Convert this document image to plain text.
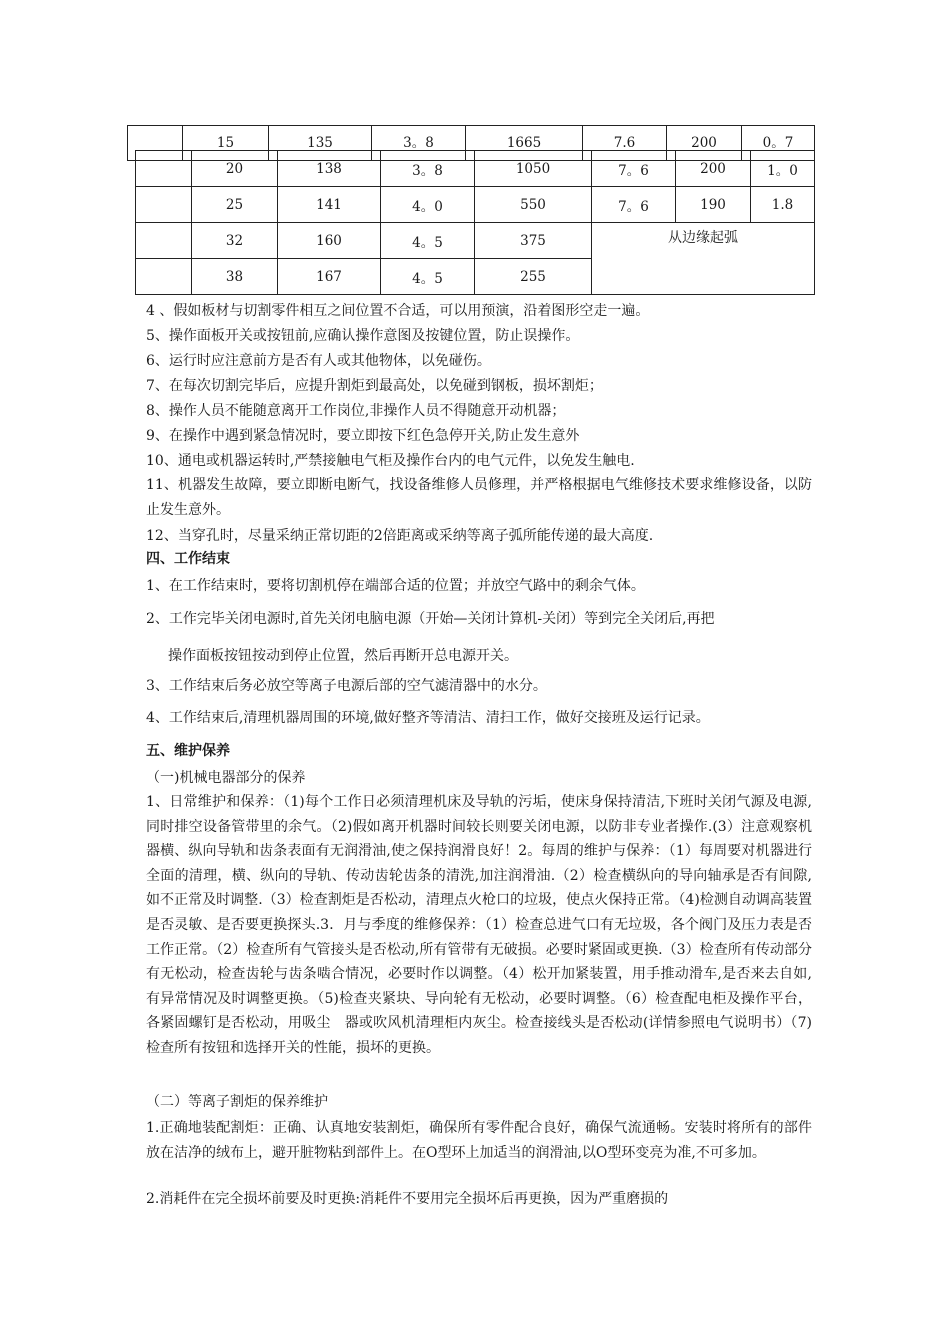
	15	135	3。8	1665	7.6	200	0。7
	20	138	3。8	1050	7。6	200	1。0
	25	141	4。0	550	7。6	190	1.8
	32	160	4。5	375	从边缘起弧		
	38	167	4。5	255			
4 、假如板材与切割零件相互之间位置不合适，可以用预演，沿着图形空走一遍。
5、操作面板开关或按钮前,应确认操作意图及按键位置，防止误操作。
6、运行时应注意前方是否有人或其他物体，以免碰伤。
7、在每次切割完毕后，应提升割炬到最高处，以免碰到钢板，损坏割炬；
8、操作人员不能随意离开工作岗位,非操作人员不得随意开动机器；
9、在操作中遇到紧急情况时，要立即按下红色急停开关,防止发生意外
10、通电或机器运转时,严禁接触电气柜及操作台内的电气元件，以免发生触电.
11、机器发生故障，要立即断电断气，找设备维修人员修理，并严格根据电气维修技术要求维修设备，以防止发生意外。
12、当穿孔时，尽量采纳正常切距的2倍距离或采纳等离子弧所能传递的最大高度.
四、工作结束
1、在工作结束时，要将切割机停在端部合适的位置；并放空气路中的剩余气体。
2、工作完毕关闭电源时,首先关闭电脑电源（开始—关闭计算机-关闭）等到完全关闭后,再把
操作面板按钮按动到停止位置，然后再断开总电源开关。
3、工作结束后务必放空等离子电源后部的空气滤清器中的水分。
4、工作结束后,清理机器周围的环境,做好整齐等清洁、清扫工作，做好交接班及运行记录。
五、维护保养
（一)机械电器部分的保养
1、日常维护和保养：（1)每个工作日必须清理机床及导轨的污垢，使床身保持清洁,下班时关闭气源及电源,同时排空设备管带里的余气。（2)假如离开机器时间较长则要关闭电源，以防非专业者操作.(3）注意观察机器横、纵向导轨和齿条表面有无润滑油,使之保持润滑良好！2。每周的维护与保养：（1）每周要对机器进行全面的清理，横、纵向的导轨、传动齿轮齿条的清洗,加注润滑油.（2）检查横纵向的导向轴承是否有间隙,如不正常及时调整.（3）检查割炬是否松动，清理点火枪口的垃圾，使点火保持正常。（4)检测自动调高装置是否灵敏、是否要更换探头.3．月与季度的维修保养：（1）检查总进气口有无垃圾，各个阀门及压力表是否工作正常。（2）检查所有气管接头是否松动,所有管带有无破损。必要时紧固或更换.（3）检查所有传动部分有无松动，检查齿轮与齿条啮合情况，必要时作以调整。（4）松开加紧装置，用手推动滑车,是否来去自如,有异常情况及时调整更换。（5)检查夹紧块、导向轮有无松动，必要时调整。（6）检查配电柜及操作平台，各紧固螺钉是否松动，用吸尘　器或吹风机清理柜内灰尘。检查接线头是否松动(详情参照电气说明书）（7)检查所有按钮和选择开关的性能，损坏的更换。
（二）等离子割炬的保养维护
1.正确地装配割炬：正确、认真地安装割炬，确保所有零件配合良好，确保气流通畅。安装时将所有的部件放在洁净的绒布上，避开脏物粘到部件上。在O型环上加适当的润滑油,以O型环变亮为准,不可多加。
2.消耗件在完全损坏前要及时更换:消耗件不要用完全损坏后再更换，因为严重磨损的
